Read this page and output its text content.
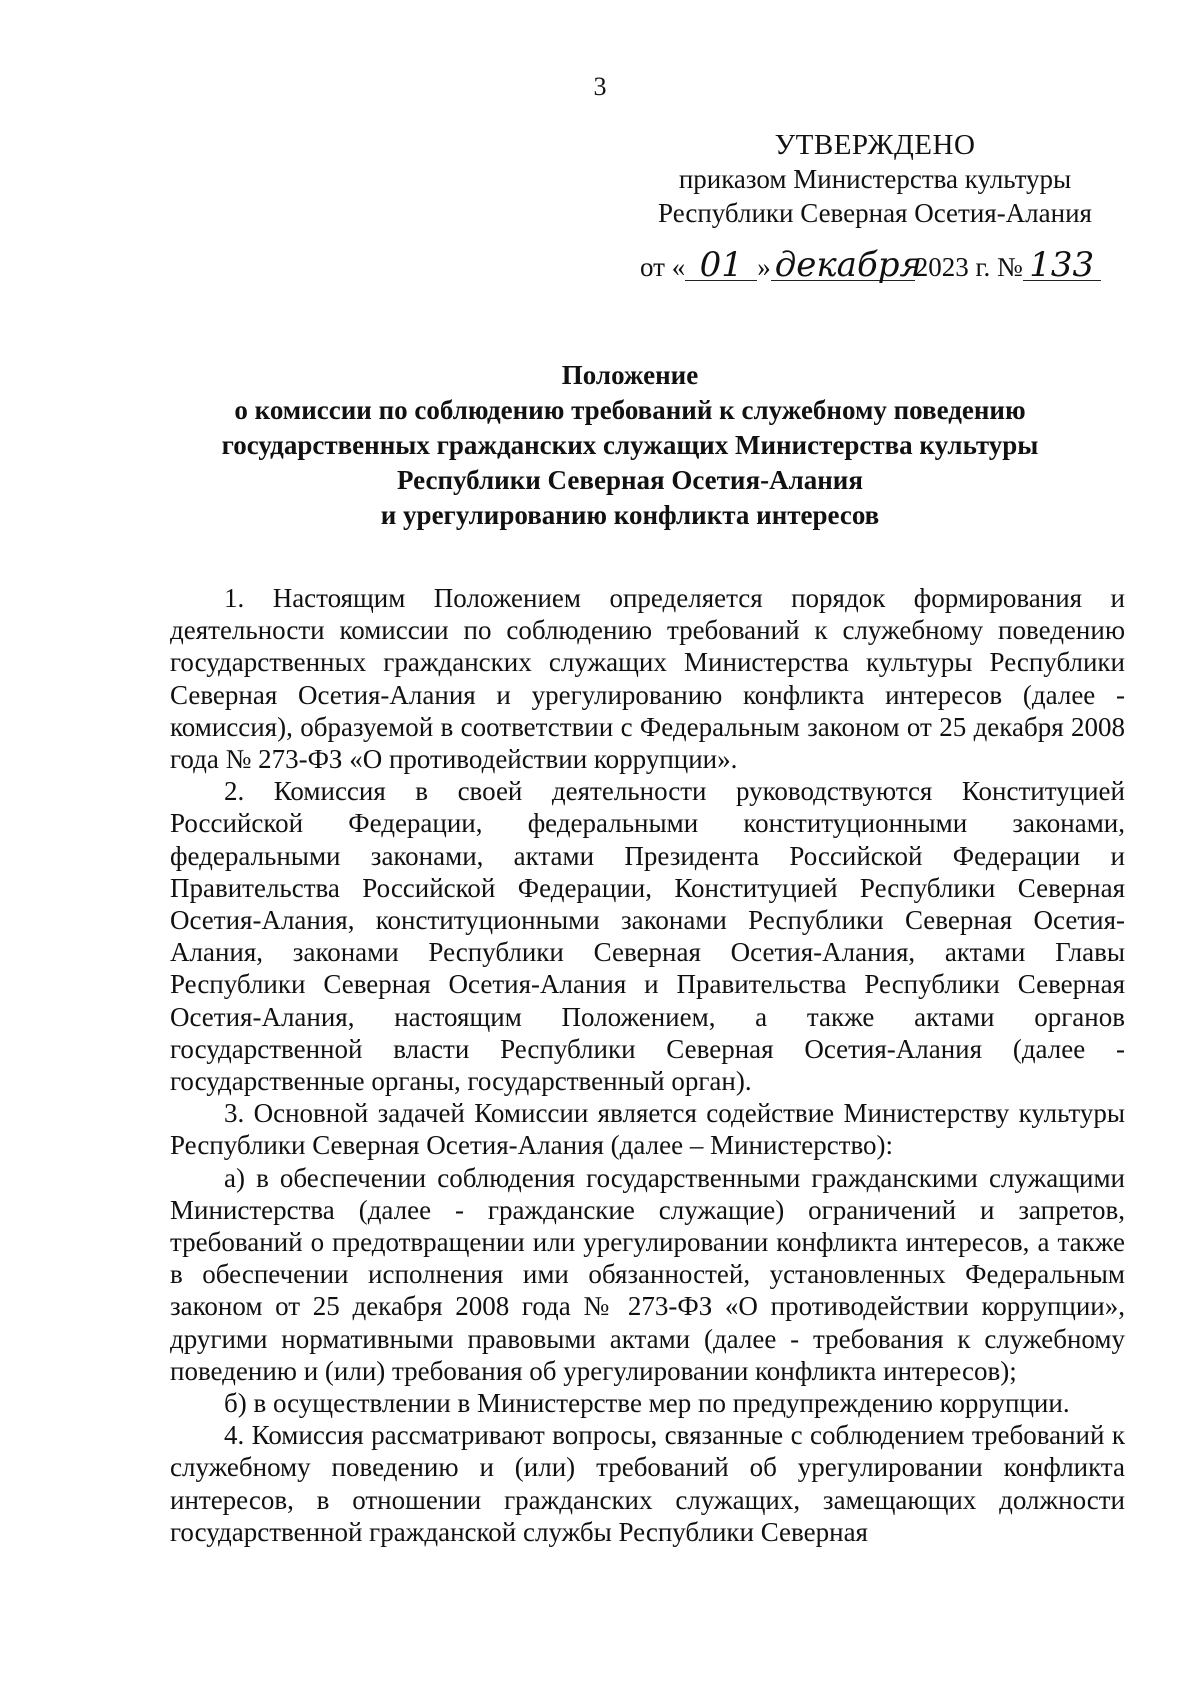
3
УТВЕРЖДЕНО
приказом Министерства культуры
Республики Северная Осетия-Алания
от « 01 » декабря2023 г. № 133
Положение
о комиссии по соблюдению требований к служебному поведению
государственных гражданских служащих Министерства культуры
Республики Северная Осетия-Алания
и урегулированию конфликта интересов

1. Настоящим Положением определяется порядок формирования и деятельности комиссии по соблюдению требований к служебному поведению государственных гражданских служащих Министерства культуры Республики Северная Осетия-Алания и урегулированию конфликта интересов (далее - комиссия), образуемой в соответствии с Федеральным законом от 25 декабря 2008 года № 273-ФЗ «О противодействии коррупции».

2. Комиссия в своей деятельности руководствуются Конституцией Российской Федерации, федеральными конституционными законами, федеральными законами, актами Президента Российской Федерации и Правительства Российской Федерации, Конституцией Республики Северная Осетия-Алания, конституционными законами Республики Северная Осетия-Алания, законами Республики Северная Осетия-Алания, актами Главы Республики Северная Осетия-Алания и Правительства Республики Северная Осетия-Алания, настоящим Положением, а также актами органов государственной власти Республики Северная Осетия-Алания (далее - государственные органы, государственный орган).

3. Основной задачей Комиссии является содействие Министерству культуры Республики Северная Осетия-Алания (далее – Министерство):

а) в обеспечении соблюдения государственными гражданскими служащими Министерства (далее - гражданские служащие) ограничений и запретов, требований о предотвращении или урегулировании конфликта интересов, а также в обеспечении исполнения ими обязанностей, установленных Федеральным законом от 25 декабря 2008 года № 273-ФЗ «О противодействии коррупции», другими нормативными правовыми актами (далее - требования к служебному поведению и (или) требования об урегулировании конфликта интересов);

б) в осуществлении в Министерстве мер по предупреждению коррупции.

4. Комиссия рассматривают вопросы, связанные с соблюдением требований к служебному поведению и (или) требований об урегулировании конфликта интересов, в отношении гражданских служащих, замещающих должности государственной гражданской службы Республики Северная
